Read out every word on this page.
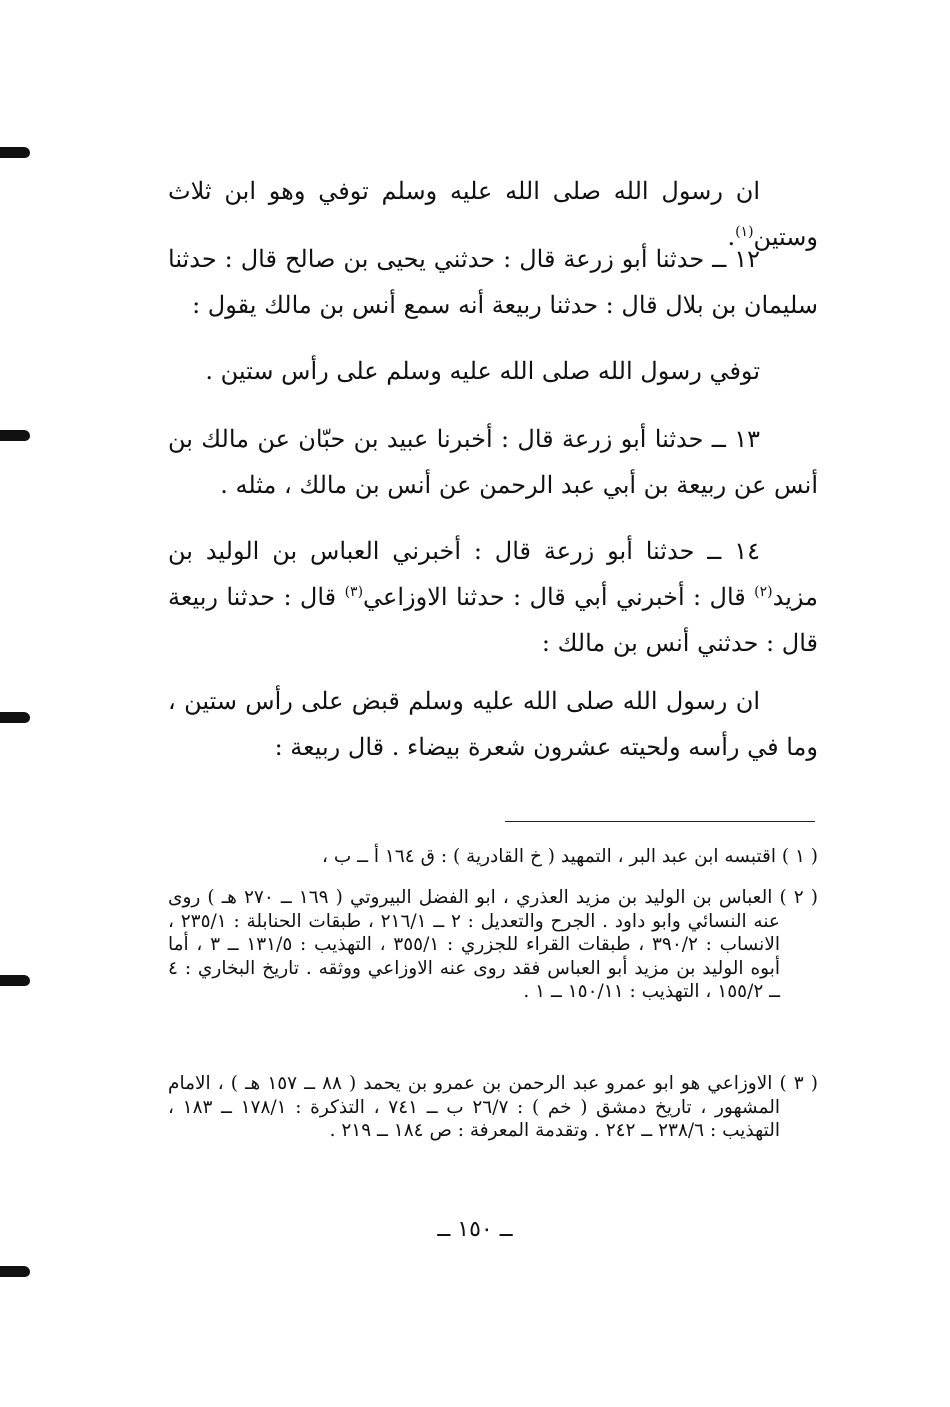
ان رسول الله صلى الله عليه وسلم توفي وهو ابن ثلاث وستين$^{(١)}$.

١٢ ــ حدثنا أبو زرعة قال : حدثني يحيى بن صالح قال : حدثنا سليمان بن بلال قال : حدثنا ربيعة أنه سمع أنس بن مالك يقول :

توفي رسول الله صلى الله عليه وسلم على رأس ستين .

١٣ ــ حدثنا أبو زرعة قال : أخبرنا عبيد بن حبّان عن مالك بن أنس عن ربيعة بن أبي عبد الرحمن عن أنس بن مالك ، مثله .

١٤ ــ حدثنا أبو زرعة قال : أخبرني العباس بن الوليد بن مزيد$^{(٢)}$ قال : أخبرني أبي قال : حدثنا الاوزاعي$^{(٣)}$ قال : حدثنا ربيعة قال : حدثني أنس بن مالك :

ان رسول الله صلى الله عليه وسلم قبض على رأس ستين ، وما في رأسه ولحيته عشرون شعرة بيضاء . قال ربيعة :

( ١ ) اقتبسه ابن عبد البر ، التمهيد ( خ القادرية ) : ق ١٦٤ أ ــ ب ،

( ٢ ) العباس بن الوليد بن مزيد العذري ، ابو الفضل البيروتي ( ١٦٩ ــ ٢٧٠ هـ ) روى عنه النسائي وابو داود . الجرح والتعديل : ٢ ــ ٢١٦/١ ، طبقات الحنابلة : ٢٣٥/١ ، الانساب : ٣٩٠/٢ ، طبقات القراء للجزري : ٣٥٥/١ ، التهذيب : ١٣١/٥ ــ ٣ ، أما أبوه الوليد بن مزيد أبو العباس فقد روى عنه الاوزاعي ووثقه . تاريخ البخاري : ٤ ــ ١٥٥/٢ ، التهذيب : ١٥٠/١١ ــ ١ .

( ٣ ) الاوزاعي هو ابو عمرو عبد الرحمن بن عمرو بن يحمد ( ٨٨ ــ ١٥٧ هـ ) ، الامام المشهور ، تاريخ دمشق ( خم ) : ٢٦/٧ ب ــ ٧٤١ ، التذكرة : ١٧٨/١ ــ ١٨٣ ، التهذيب : ٢٣٨/٦ ــ ٢٤٢ . وتقدمة المعرفة : ص ١٨٤ ــ ٢١٩ .

ــ ١٥٠ ــ
